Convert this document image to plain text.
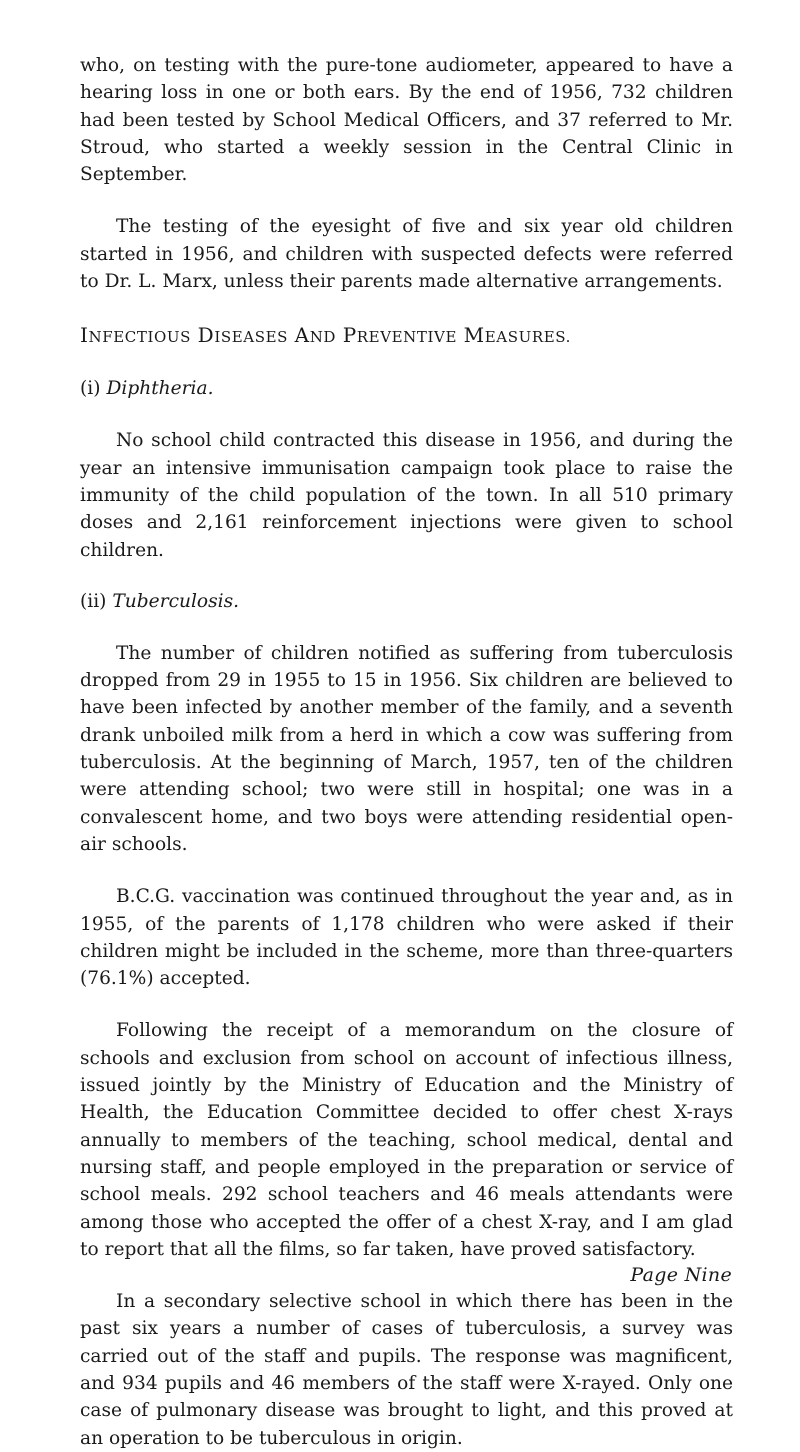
who, on testing with the pure-tone audiometer, appeared to have a hearing loss in one or both ears. By the end of 1956, 732 children had been tested by School Medical Officers, and 37 referred to Mr. Stroud, who started a weekly session in the Central Clinic in September.

The testing of the eyesight of five and six year old children started in 1956, and children with suspected defects were referred to Dr. L. Marx, unless their parents made alternative arrangements.

INFECTIOUS DISEASES AND PREVENTIVE MEASURES.

(i) Diphtheria.

No school child contracted this disease in 1956, and during the year an intensive immunisation campaign took place to raise the immunity of the child population of the town. In all 510 primary doses and 2,161 reinforcement injections were given to school children.

(ii) Tuberculosis.

The number of children notified as suffering from tuberculosis dropped from 29 in 1955 to 15 in 1956. Six children are believed to have been infected by another member of the family, and a seventh drank unboiled milk from a herd in which a cow was suffering from tuberculosis. At the beginning of March, 1957, ten of the children were attending school; two were still in hospital; one was in a convalescent home, and two boys were attending residential open-air schools.

B.C.G. vaccination was continued throughout the year and, as in 1955, of the parents of 1,178 children who were asked if their children might be included in the scheme, more than three-quarters (76.1%) accepted.

Following the receipt of a memorandum on the closure of schools and exclusion from school on account of infectious illness, issued jointly by the Ministry of Education and the Ministry of Health, the Education Committee decided to offer chest X-rays annually to members of the teaching, school medical, dental and nursing staff, and people employed in the preparation or service of school meals. 292 school teachers and 46 meals attendants were among those who accepted the offer of a chest X-ray, and I am glad to report that all the films, so far taken, have proved satisfactory.

In a secondary selective school in which there has been in the past six years a number of cases of tuberculosis, a survey was carried out of the staff and pupils. The response was magnificent, and 934 pupils and 46 members of the staff were X-rayed. Only one case of pulmonary disease was brought to light, and this proved at an operation to be tuberculous in origin.

Page Nine
